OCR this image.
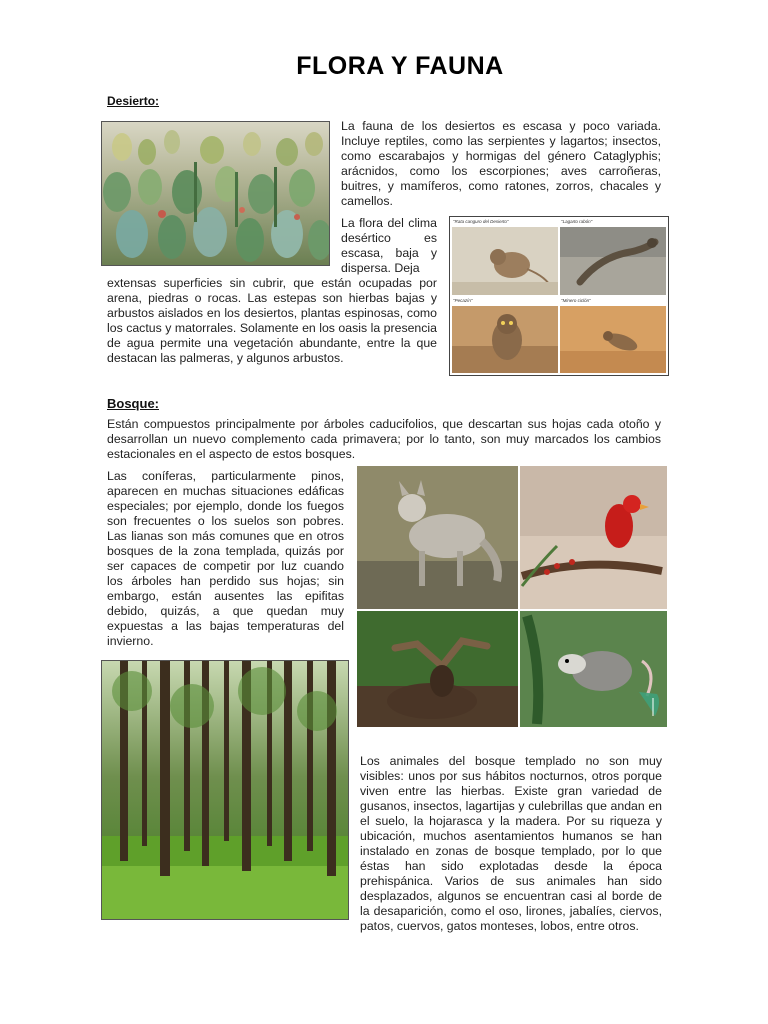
FLORA Y FAUNA
Desierto:
La fauna de los desiertos es escasa y poco variada. Incluye reptiles, como las serpientes y lagartos; insectos, como escarabajos y hormigas del género Cataglyphis; arácnidos, como los escorpiones; aves carroñeras, buitres, y mamíferos, como ratones, zorros, chacales y camellos.
La flora del clima desértico es escasa, baja y dispersa. Deja
extensas superficies sin cubrir, que están ocupadas por arena, piedras o rocas. Las estepas son hierbas bajas y arbustos aislados en los desiertos, plantas espinosas, como los cactus y matorrales. Solamente en los oasis la presencia de agua permite una vegetación abundante, entre la que destacan las palmeras, y algunos arbustos.
"Rata canguro del Desierto"	"Lagarto rabón"
"Pecazín"	"Minero ciclón"
Bosque:
Están compuestos principalmente por árboles caducifolios, que descartan sus hojas cada otoño y desarrollan un nuevo complemento cada primavera; por lo tanto, son muy marcados los cambios estacionales en el aspecto de estos bosques.
Las coníferas, particularmente pinos, aparecen en muchas situaciones edáficas especiales; por ejemplo, donde los fuegos son frecuentes o los suelos son pobres. Las lianas son más comunes que en otros bosques de la zona templada, quizás por ser capaces de competir por luz cuando los árboles han perdido sus hojas; sin embargo, están ausentes las epifitas debido, quizás, a que quedan muy expuestas a las bajas temperaturas del invierno.
Los animales del bosque templado no son muy visibles: unos por sus hábitos nocturnos, otros porque viven entre las hierbas. Existe gran variedad de gusanos, insectos, lagartijas y culebrillas que andan en el suelo, la hojarasca y la madera. Por su riqueza y ubicación, muchos asentamientos humanos se han instalado en zonas de bosque templado, por lo que éstas han sido explotadas desde la época prehispánica. Varios de sus animales han sido desplazados, algunos se encuentran casi al borde de la desaparición, como el oso, lirones, jabalíes, ciervos, patos, cuervos, gatos monteses, lobos, entre otros.
